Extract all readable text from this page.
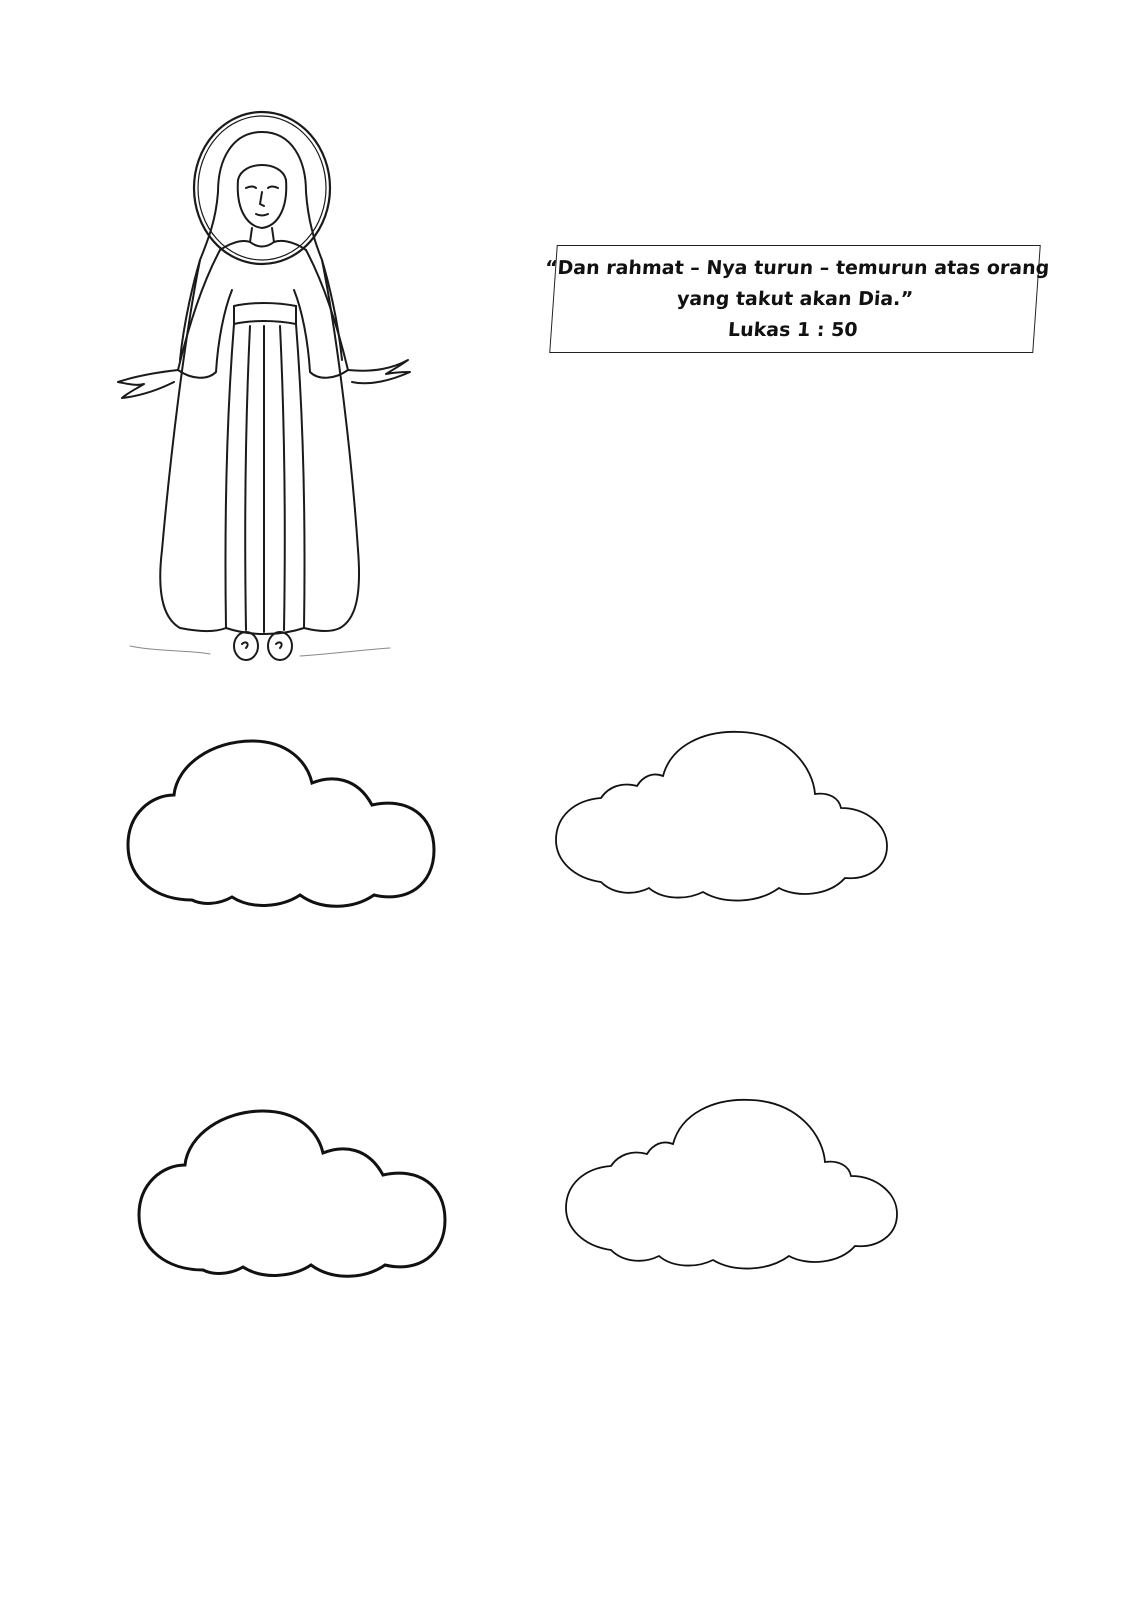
“Dan rahmat – Nya turun – temurun atas orang
yang takut akan Dia.”
Lukas 1 : 50
